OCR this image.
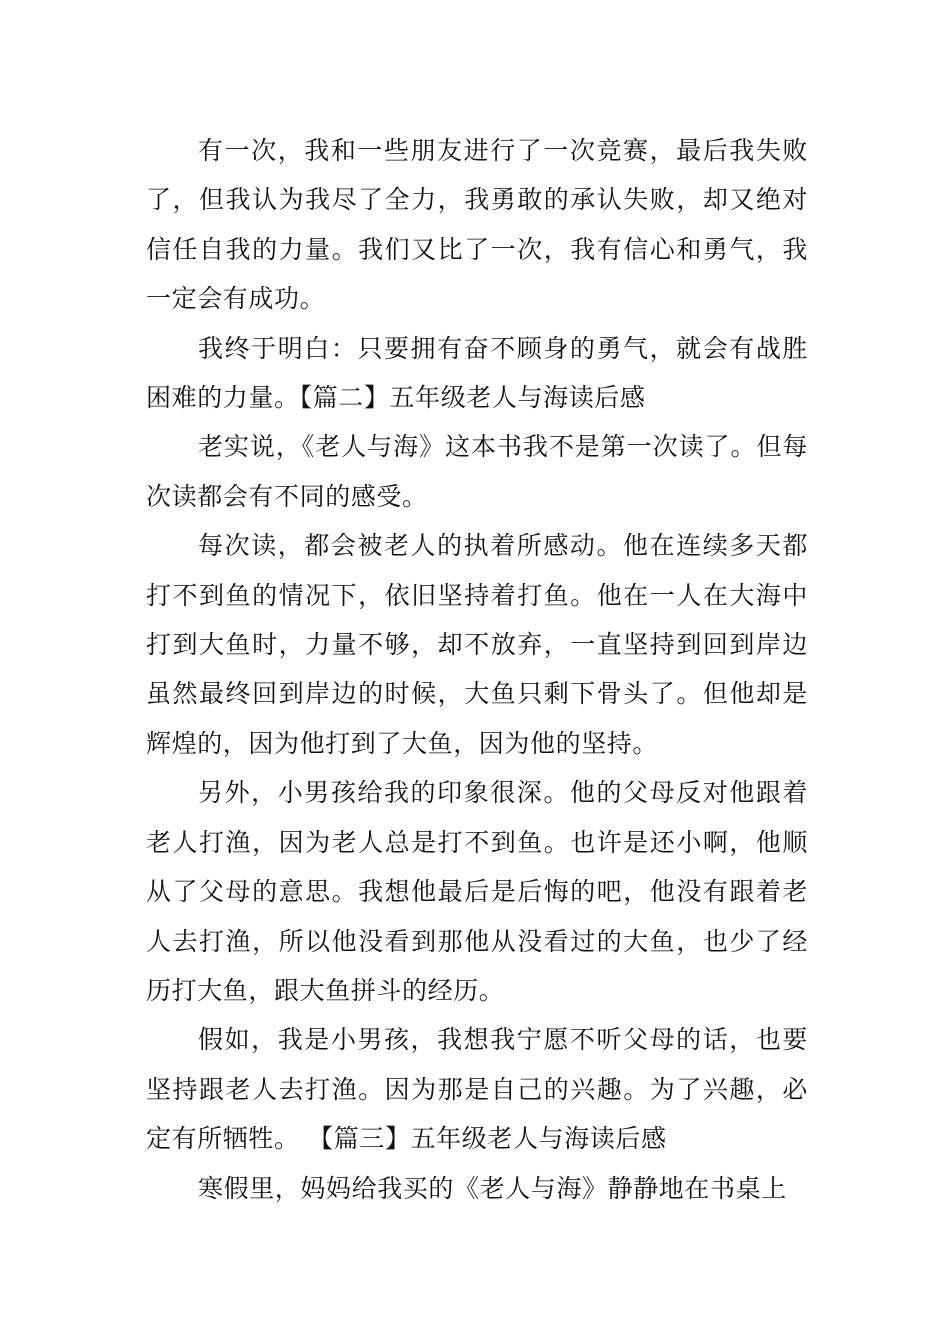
有一次，我和一些朋友进行了一次竞赛，最后我失败了，但我认为我尽了全力，我勇敢的承认失败，却又绝对信任自我的力量。我们又比了一次，我有信心和勇气，我一定会有成功。

我终于明白：只要拥有奋不顾身的勇气，就会有战胜困难的力量。【篇二】五年级老人与海读后感

老实说，《老人与海》这本书我不是第一次读了。但每次读都会有不同的感受。

每次读，都会被老人的执着所感动。他在连续多天都打不到鱼的情况下，依旧坚持着打鱼。他在一人在大海中打到大鱼时，力量不够，却不放弃，一直坚持到回到岸边虽然最终回到岸边的时候，大鱼只剩下骨头了。但他却是辉煌的，因为他打到了大鱼，因为他的坚持。

另外，小男孩给我的印象很深。他的父母反对他跟着老人打渔，因为老人总是打不到鱼。也许是还小啊，他顺从了父母的意思。我想他最后是后悔的吧，他没有跟着老人去打渔，所以他没看到那他从没看过的大鱼，也少了经历打大鱼，跟大鱼拼斗的经历。

假如，我是小男孩，我想我宁愿不听父母的话，也要坚持跟老人去打渔。因为那是自己的兴趣。为了兴趣，必定有所牺牲。 【篇三】五年级老人与海读后感

寒假里，妈妈给我买的《老人与海》静静地在书桌上
